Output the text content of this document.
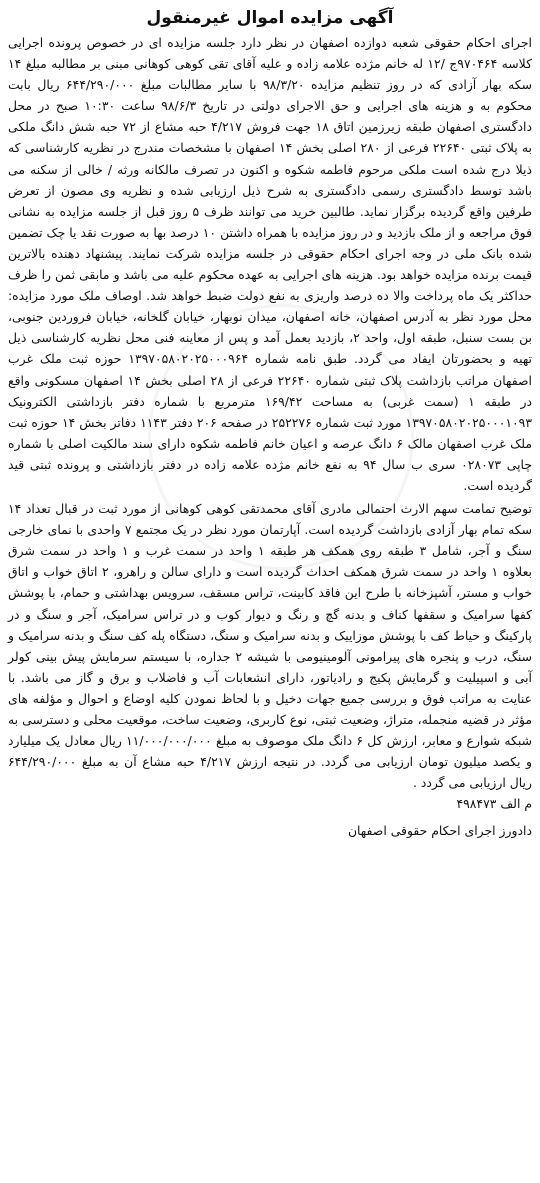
آگهی مزایده اموال غیرمنقول

اجرای احکام حقوقی شعبه دوازده اصفهان در نظر دارد جلسه مزایده ای در خصوص پرونده اجرایی کلاسه ۹۷۰۴۶۴ج /۱۲ له خانم مژده علامه زاده و علیه آقای تقی کوهی کوهانی مبنی بر مطالبه مبلغ ۱۴ سکه بهار آزادی که در روز تنظیم مزایده ۹۸/۳/۲۰ با سایر مطالبات مبلغ ۶۴۴/۲۹۰/۰۰۰ ریال بابت محکوم به و هزینه های اجرایی و حق الاجرای دولتی در تاریخ ۹۸/۶/۳ ساعت ۱۰:۳۰ صبح در محل دادگستری اصفهان طبقه زیرزمین اتاق ۱۸ جهت فروش ۴/۲۱۷ حبه مشاع از ۷۲ حبه شش دانگ ملکی به پلاک ثبتی ۲۲۶۴۰ فرعی از ۲۸۰ اصلی بخش ۱۴ اصفهان با مشخصات مندرج در نظریه کارشناسی که ذیلا درج شده است ملکی مرحوم فاطمه شکوه و اکنون در تصرف مالکانه ورثه / خالی از سکنه می باشد توسط دادگستری رسمی دادگستری به شرح ذیل ارزیابی شده و نظریه وی مصون از تعرض طرفین واقع گردیده برگزار نماید. طالبین خرید می توانند ظرف ۵ روز قبل از جلسه مزایده به نشانی فوق مراجعه و از ملک بازدید و در روز مزایده با همراه داشتن ۱۰ درصد بها به صورت نقد یا چک تضمین شده بانک ملی در وجه اجرای احکام حقوقی در جلسه مزایده شرکت نمایند. پیشنهاد دهنده بالاترین قیمت برنده مزایده خواهد بود. هزینه های اجرایی به عهده محکوم علیه می باشد و مابقی ثمن را ظرف حداکثر یک ماه پرداخت والا ده درصد واریزی به نفع دولت ضبط خواهد شد. اوصاف ملک مورد مزایده: محل مورد نظر به آدرس اصفهان، خانه اصفهان، میدان نوبهار، خیابان گلخانه، خیابان فروردین جنوبی، بن بست سنبل، طبقه اول، واحد ۲، بازدید بعمل آمد و پس از معاینه فنی محل نظریه کارشناسی ذیل تهیه و بحضورتان ایفاد می گردد. طبق نامه شماره ۱۳۹۷۰۵۸۰۲۰۲۵۰۰۰۹۶۴ حوزه ثبت ملک غرب اصفهان مراتب بازداشت پلاک ثبتی شماره ۲۲۶۴۰ فرعی از ۲۸ اصلی بخش ۱۴ اصفهان مسکونی واقع در طبقه ۱ (سمت غربی) به مساحت ۱۶۹/۴۲ مترمربع با شماره دفتر بازداشتی الکترونیک ۱۳۹۷۰۵۸۰۲۰۲۵۰۰۰۱۰۹۳ مورد ثبت شماره ۲۵۲۲۷۶ در صفحه ۲۰۶ دفتر ۱۱۴۳ دفاتر بخش ۱۴ حوزه ثبت ملک غرب اصفهان مالک ۶ دانگ عرصه و اعیان خانم فاطمه شکوه دارای سند مالکیت اصلی با شماره چاپی ۰۲۸۰۷۳ سری ب سال ۹۴ به نفع خانم مژده علامه زاده در دفتر بازداشتی و پرونده ثبتی قید گردیده است.

توضیح تمامت سهم الارث احتمالی مادری آقای محمدتقی کوهی کوهانی از مورد ثبت در قبال تعداد ۱۴ سکه تمام بهار آزادی بازداشت گردیده است. آپارتمان مورد نظر در یک مجتمع ۷ واحدی با نمای خارجی سنگ و آجر، شامل ۳ طبقه روی همکف هر طبقه ۱ واحد در سمت غرب و ۱ واحد در سمت شرق بعلاوه ۱ واحد در سمت شرق همکف احداث گردیده است و دارای سالن و راهرو، ۲ اتاق خواب و اتاق خواب و مستر، آشپزخانه با طرح این فاقد کابینت، تراس مسقف، سرویس بهداشتی و حمام، با پوشش کفها سرامیک و سقفها کناف و بدنه گچ و رنگ و دیوار کوب و در تراس سرامیک، آجر و سنگ و در پارکینگ و حیاط کف با پوشش موزاییک و بدنه سرامیک و سنگ، دستگاه پله کف سنگ و بدنه سرامیک و سنگ، درب و پنجره های پیرامونی آلومینیومی با شیشه ۲ جداره، با سیستم سرمایش پیش بینی کولر آبی و اسپیلیت و گرمایش پکیج و رادیاتور، دارای انشعابات آب و فاضلاب و برق و گاز می باشد. با عنایت به مراتب فوق و بررسی جمیع جهات دخیل و با لحاظ نمودن کلیه اوضاع و احوال و مؤلفه های مؤثر در قضیه منجمله، متراژ، وضعیت ثبتی، نوع کاربری، وضعیت ساخت، موقعیت محلی و دسترسی به شبکه شوارع و معابر، ارزش کل ۶ دانگ ملک موصوف به مبلغ ۱۱/۰۰۰/۰۰۰/۰۰۰ ریال معادل یک میلیارد و یکصد میلیون تومان ارزیابی می گردد. در نتیجه ارزش ۴/۲۱۷ حبه مشاع آن به مبلغ ۶۴۴/۲۹۰/۰۰۰ ریال ارزیابی می گردد .

م الف ۴۹۸۴۷۳

دادورز اجرای احکام حقوقی اصفهان
